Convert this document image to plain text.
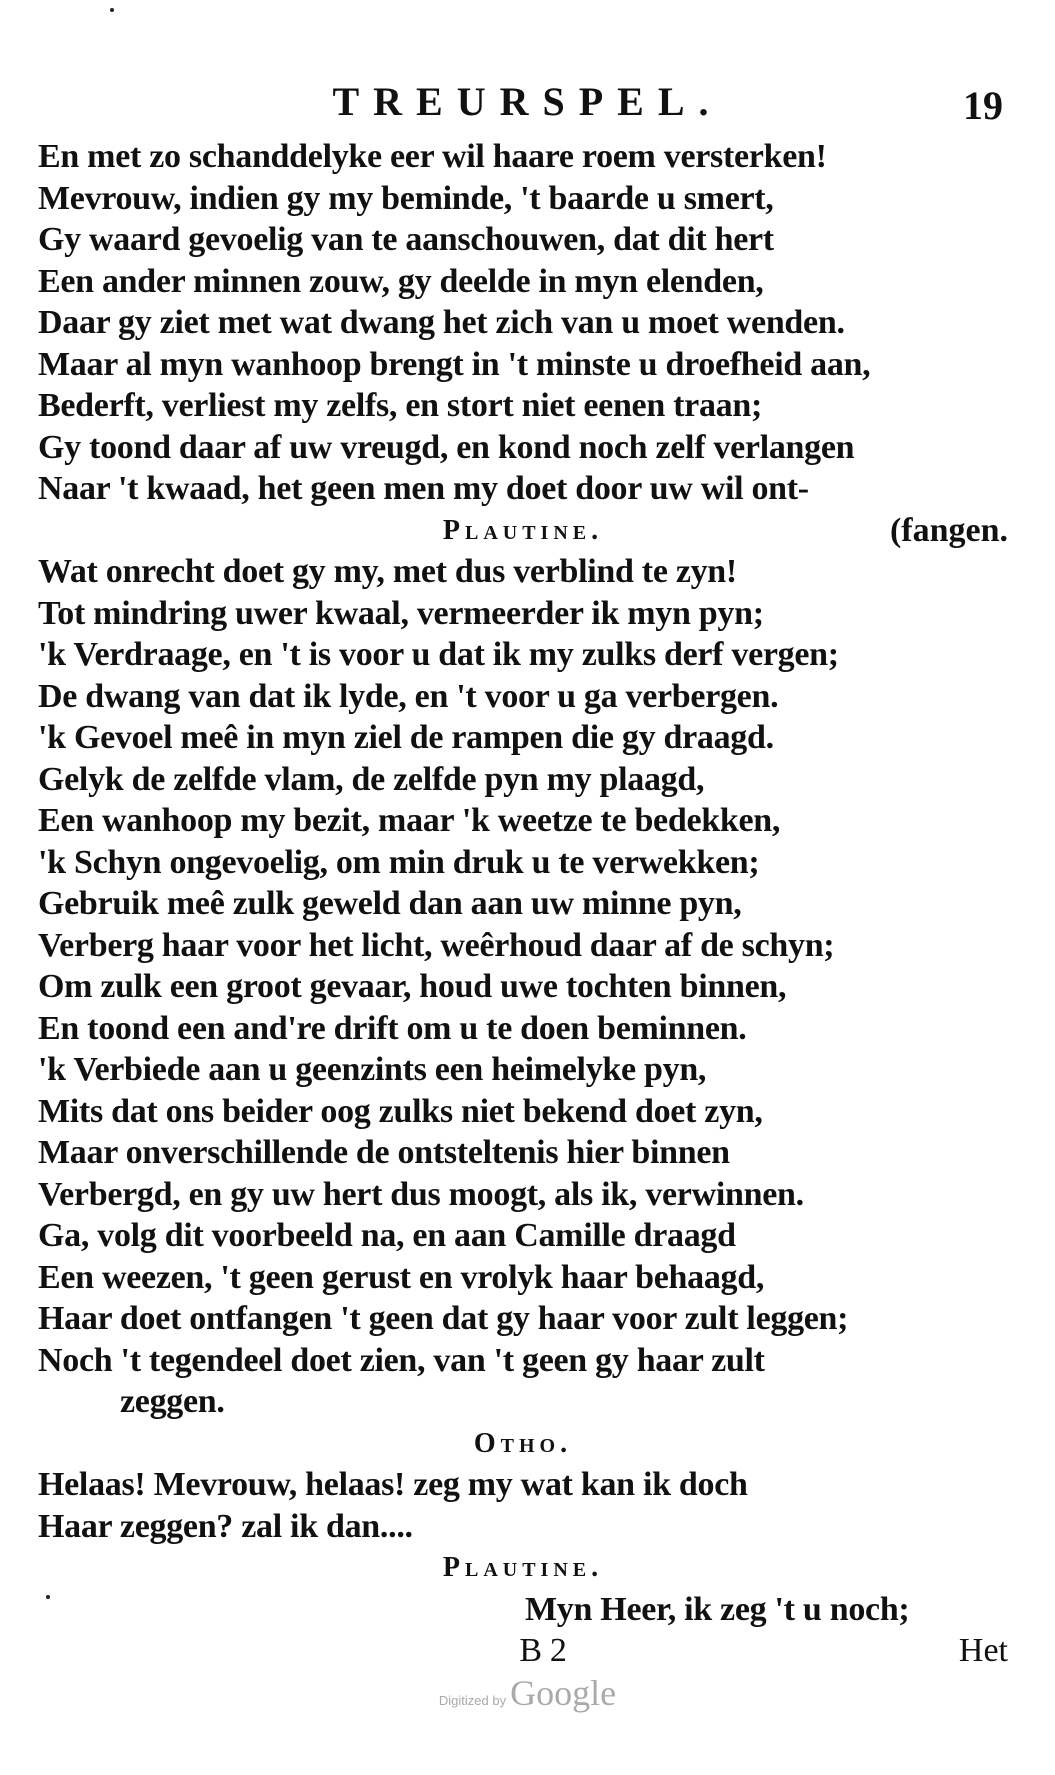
TREURSPEL.	19
En met zo schanddelyke eer wil haare roem versterken!
Mevrouw, indien gy my beminde, 't baarde u smert,
Gy waard gevoelig van te aanschouwen, dat dit hert
Een ander minnen zouw, gy deelde in myn elenden,
Daar gy ziet met wat dwang het zich van u moet wenden.
Maar al myn wanhoop brengt in 't minste u droefheid aan,
Bederft, verliest my zelfs, en stort niet eenen traan;
Gy toond daar af uw vreugd, en kond noch zelf verlangen
Naar 't kwaad, het geen men my doet door uw wil ont-
Plautine.	(fangen.
Wat onrecht doet gy my, met dus verblind te zyn!
Tot mindring uwer kwaal, vermeerder ik myn pyn;
'k Verdraage, en 't is voor u dat ik my zulks derf vergen;
De dwang van dat ik lyde, en 't voor u ga verbergen.
'k Gevoel meê in myn ziel de rampen die gy draagd.
Gelyk de zelfde vlam, de zelfde pyn my plaagd,
Een wanhoop my bezit, maar 'k weetze te bedekken,
'k Schyn ongevoelig, om min druk u te verwekken;
Gebruik meê zulk geweld dan aan uw minne pyn,
Verberg haar voor het licht, weêrhoud daar af de schyn;
Om zulk een groot gevaar, houd uwe tochten binnen,
En toond een and're drift om u te doen beminnen.
'k Verbiede aan u geenzints een heimelyke pyn,
Mits dat ons beider oog zulks niet bekend doet zyn,
Maar onverschillende de ontsteltenis hier binnen
Verbergd, en gy uw hert dus moogt, als ik, verwinnen.
Ga, volg dit voorbeeld na, en aan Camille draagd
Een weezen, 't geen gerust en vrolyk haar behaagd,
Haar doet ontfangen 't geen dat gy haar voor zult leggen;
Noch 't tegendeel doet zien, van 't geen gy haar zult
zeggen.
Otho.
Helaas! Mevrouw, helaas! zeg my wat kan ik doch
Haar zeggen? zal ik dan....
Plautine.
Myn Heer, ik zeg 't u noch;
B 2	Het
Digitized by Google
